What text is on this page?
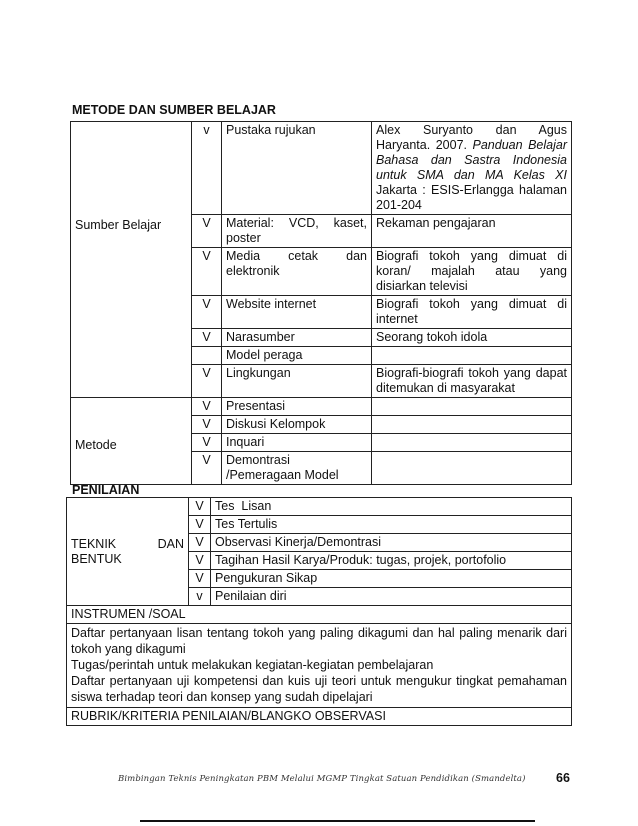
METODE DAN SUMBER BELAJAR
Sumber Belajar	v	Pustaka rujukan	Alex Suryanto dan Agus Haryanta. 2007. Panduan Belajar Bahasa dan Sastra Indonesia untuk SMA dan MA Kelas XI Jakarta : ESIS-Erlangga halaman 201-204
	V	Material: VCD, kaset, poster	Rekaman pengajaran
	V	Media cetak dan elektronik	Biografi tokoh yang dimuat di koran/ majalah atau yang disiarkan televisi
	V	Website internet	Biografi tokoh yang dimuat di internet
	V	Narasumber	Seorang tokoh idola
		Model peraga	
	V	Lingkungan	Biografi-biografi tokoh yang dapat ditemukan di masyarakat
Metode	V	Presentasi	
	V	Diskusi Kelompok	
	V	Inquari	
	V	Demontrasi /Pemeragaan Model	
PENILAIAN
TEKNIK DAN
BENTUK	V	Tes  Lisan
	V	Tes Tertulis
	V	Observasi Kinerja/Demontrasi
	V	Tagihan Hasil Karya/Produk: tugas, projek, portofolio
	V	Pengukuran Sikap
	v	Penilaian diri
INSTRUMEN /SOAL		

Daftar pertanyaan lisan tentang tokoh yang paling dikagumi dan hal paling menarik dari tokoh yang dikagumi
Tugas/perintah untuk melakukan kegiatan-kegiatan pembelajaran
Daftar pertanyaan uji kompetensi dan kuis uji teori untuk mengukur tingkat pemahaman siswa terhadap teori dan konsep yang sudah dipelajari		

RUBRIK/KRITERIA PENILAIAN/BLANGKO OBSERVASI		
Bimbingan Teknis Peningkatan PBM Melalui MGMP Tingkat Satuan Pendidikan (Smandelta) 66
